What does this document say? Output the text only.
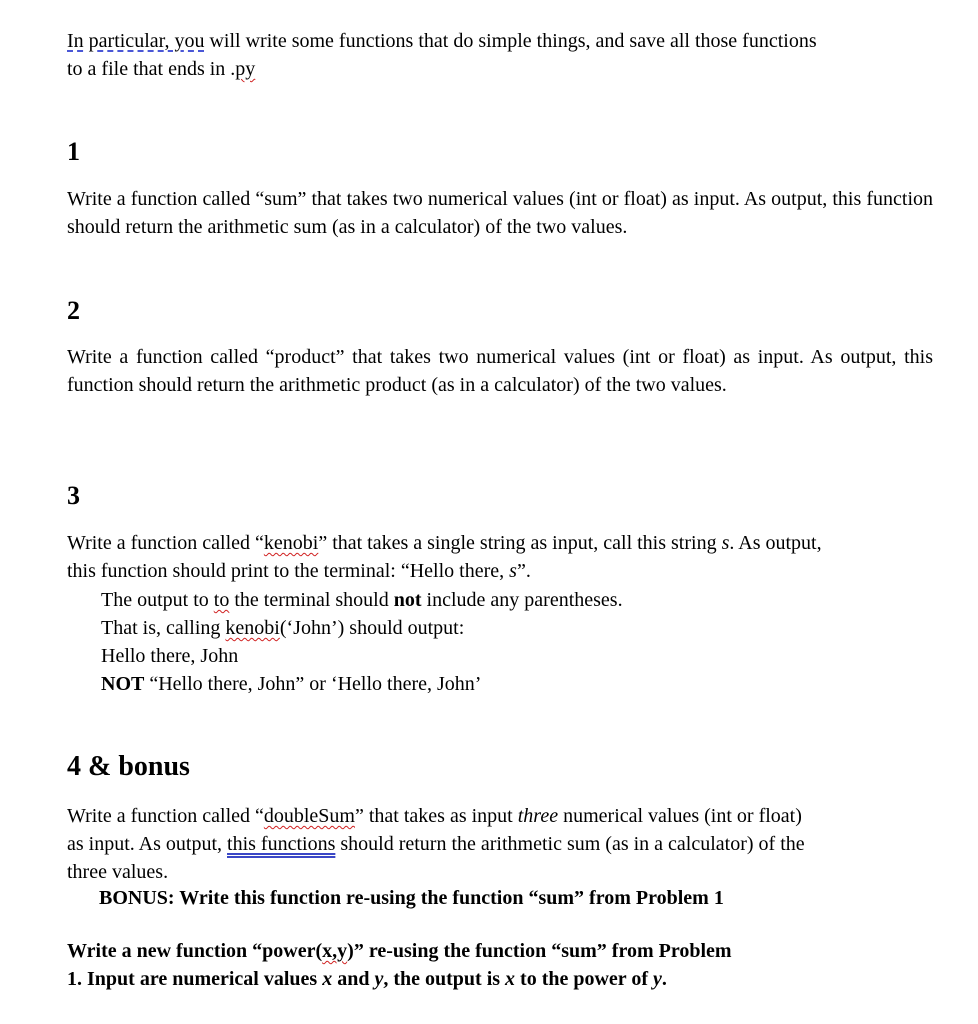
In particular, you will write some functions that do simple things, and save all those functions
to a file that ends in .py
1
Write a function called “sum” that takes two numerical values (int or float) as input. As output, this function should return the arithmetic sum (as in a calculator) of the two values.
2
Write a function called “product” that takes two numerical values (int or float) as input. As output, this function should return the arithmetic product (as in a calculator) of the two values.
3
Write a function called “kenobi” that takes a single string as input, call this string s. As output,
this function should print to the terminal: “Hello there, s”.
The output to to the terminal should not include any parentheses.
That is, calling kenobi(‘John’) should output:
Hello there, John
NOT “Hello there, John” or ‘Hello there, John’
4 & bonus
Write a function called “doubleSum” that takes as input three numerical values (int or float)
as input. As output, this functions should return the arithmetic sum (as in a calculator) of the
three values.
BONUS: Write this function re-using the function “sum” from Problem 1
Write a new function “power(x,y)” re-using the function “sum” from Problem
1. Input are numerical values x and y, the output is x to the power of y.
